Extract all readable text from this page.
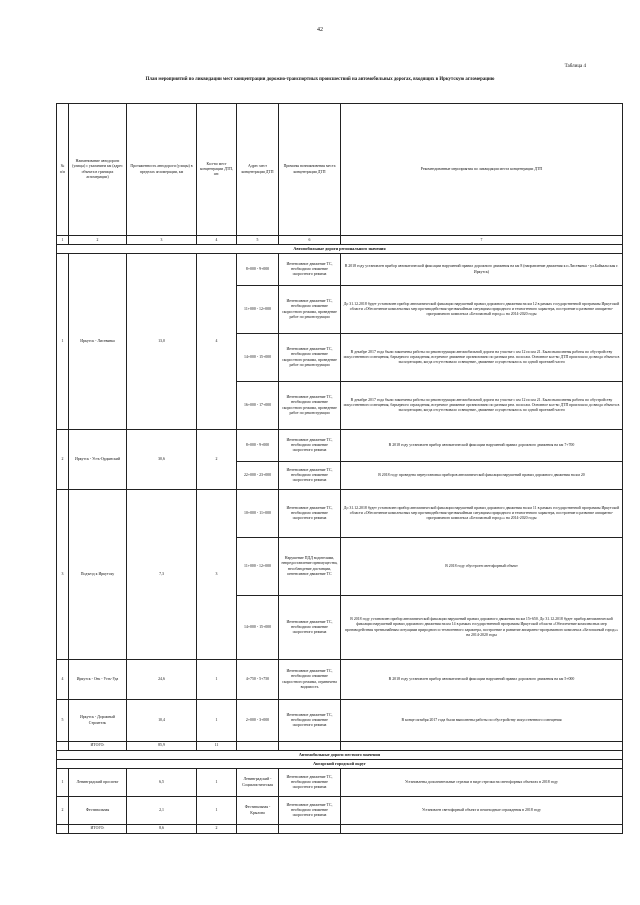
42
Таблица 4
План мероприятий по ликвидации мест концентрации дорожно-транспортных происшествий на автомобильных дорогах, входящих в Иркутскую агломерацию
№ п/п	Наименование автодороги (улицы) с указанием км (адрес объекта в границах агломерации)	Протяженность автодороги (улицы) в пределах агломерации, км	Кол-во мест концентрации ДТП, шт.	Адрес мест концентрации ДТП	Причины возникновения места концентрации ДТП	Рекомендованные мероприятия по ликвидации места концентрации ДТП
1	2	3	4	5	6	7
Автомобильные дороги регионального значения						
1	Иркутск - Листвянка	13,0	4	8+000 - 9+000	Интенсивное движение ТС, необходимо снижение скоростного режима	В 2018 году установлен прибор автоматической фиксации нарушений правил дорожного движения на км 8 (направление движения к п.Листвянка - ул.Байкальская г. Иркутск)
				11+000 - 12+000	Интенсивное движение ТС, необходимо снижение скоростного режима, проведение работ по реконструкции	До 31.12.2018 будет установлен прибор автоматической фиксации нарушений правил дорожного движения на км 12 в рамках государственной программы Иркутской области «Обеспечение комплексных мер противодействия чрезвычайным ситуациям природного и техногенного характера, построение и развитие аппаратно-программного комплекса «Безопасный город»» на 2014-2020 годы
				14+000 - 15+000	Интенсивное движение ТС, необходимо снижение скоростного режима, проведение работ по реконструкции	В декабре 2017 года были закончены работы по реконструкции автомобильной дороги на участке с км 12 по км 21. Были выполнены работы по обустройству искусственного освещения, барьерного ограждения, встречное движение организовано по разным рем. полосам. Основное кол-во ДТП произошло до ввода объекта в эксплуатацию, когда отсутствовало освещение, движение осуществлялось по одной проезжей части
				16+000 - 17+000	Интенсивное движение ТС, необходимо снижение скоростного режима, проведение работ по реконструкции	В декабре 2017 года были закончены работы по реконструкции автомобильной дороги на участке с км 12 по км 21. Были выполнены работы по обустройству искусственного освещения, барьерного ограждения, встречное движение организовано по разным рем. полосам. Основное кол-во ДТП произошло до ввода объекта в эксплуатацию, когда отсутствовало освещение, движение осуществлялось по одной проезжей части
2	Иркутск - Усть-Ордынский	30,6	2	8+000 - 9+000	Интенсивное движение ТС, необходимо снижение скоростного режима	В 2018 году установлен прибор автоматической фиксации нарушений правил дорожного движения на км 7+700
				22+000 - 23+000	Интенсивное движение ТС, необходимо снижение скоростного режима	В 2018 году проведена переустановка приборов автоматической фиксации нарушений правил дорожного движения на км 20
3	Подъезд к Иркутску	7,3	3	10+000 - 11+000	Интенсивное движение ТС, необходимо снижение скоростного режима	До 31.12.2018 будет установлен прибор автоматической фиксации нарушений правил дорожного движения на км 11 в рамках государственной программы Иркутской области «Обеспечение комплексных мер противодействия чрезвычайным ситуациям природного и техногенного характера, построение и развитие аппаратно-программного комплекса «Безопасный город»» на 2014-2020 годы
				11+000 - 12+000	Нарушение ПДД водителями, непредоставление преимущества, несоблюдение дистанции, интенсивное движение ТС	В 2018 году обустроен светофорный объект
				14+000 - 15+000	Интенсивное движение ТС, необходимо снижение скоростного режима	В 2018 году установлен прибор автоматической фиксации нарушений правил дорожного движения на км 15+650. До 31.12.2018 будет прибор автоматической фиксации нарушений правил дорожного движения на км 14 в рамках государственной программы Иркутской области «Обеспечение комплексных мер противодействия чрезвычайным ситуациям природного и техногенного характера, построение и развитие аппаратно-программного комплекса «Безопасный город»» на 2014-2020 годы
4	Иркутск - Оек - Усть-Уда	24,6	1	4+750 - 5+750	Интенсивное движение ТС, необходимо снижение скоростного режима, ограничена видимость	В 2018 году установлен прибор автоматической фиксации нарушений правил дорожного движения на км 5+000
5	Иркутск - Дорожный Строитель	10,4	1	2+000 - 3+000	Интенсивное движение ТС, необходимо снижение скоростного режима	В конце октября 2017 года были выполнены работы по обустройству искусственного освещения
	ИТОГО:	85,9	11			
Автомобильные дороги местного значения						
Ангарский городской округ						
1	Ленинградский проспект	6,5	1	Ленинградский - Социалистическая	Интенсивное движение ТС, необходимо снижение скоростного режима	Установлены дополнительные стрелки в виде стрелки на светофорных объектах в 2018 году
2	Фестивальная	2,1	1	Фестивальная - Крылова	Интенсивное движение ТС, необходимо снижение скоростного режима	Установлен светофорный объект и пешеходные ограждения в 2018 году
	ИТОГО:	8,6	2			
